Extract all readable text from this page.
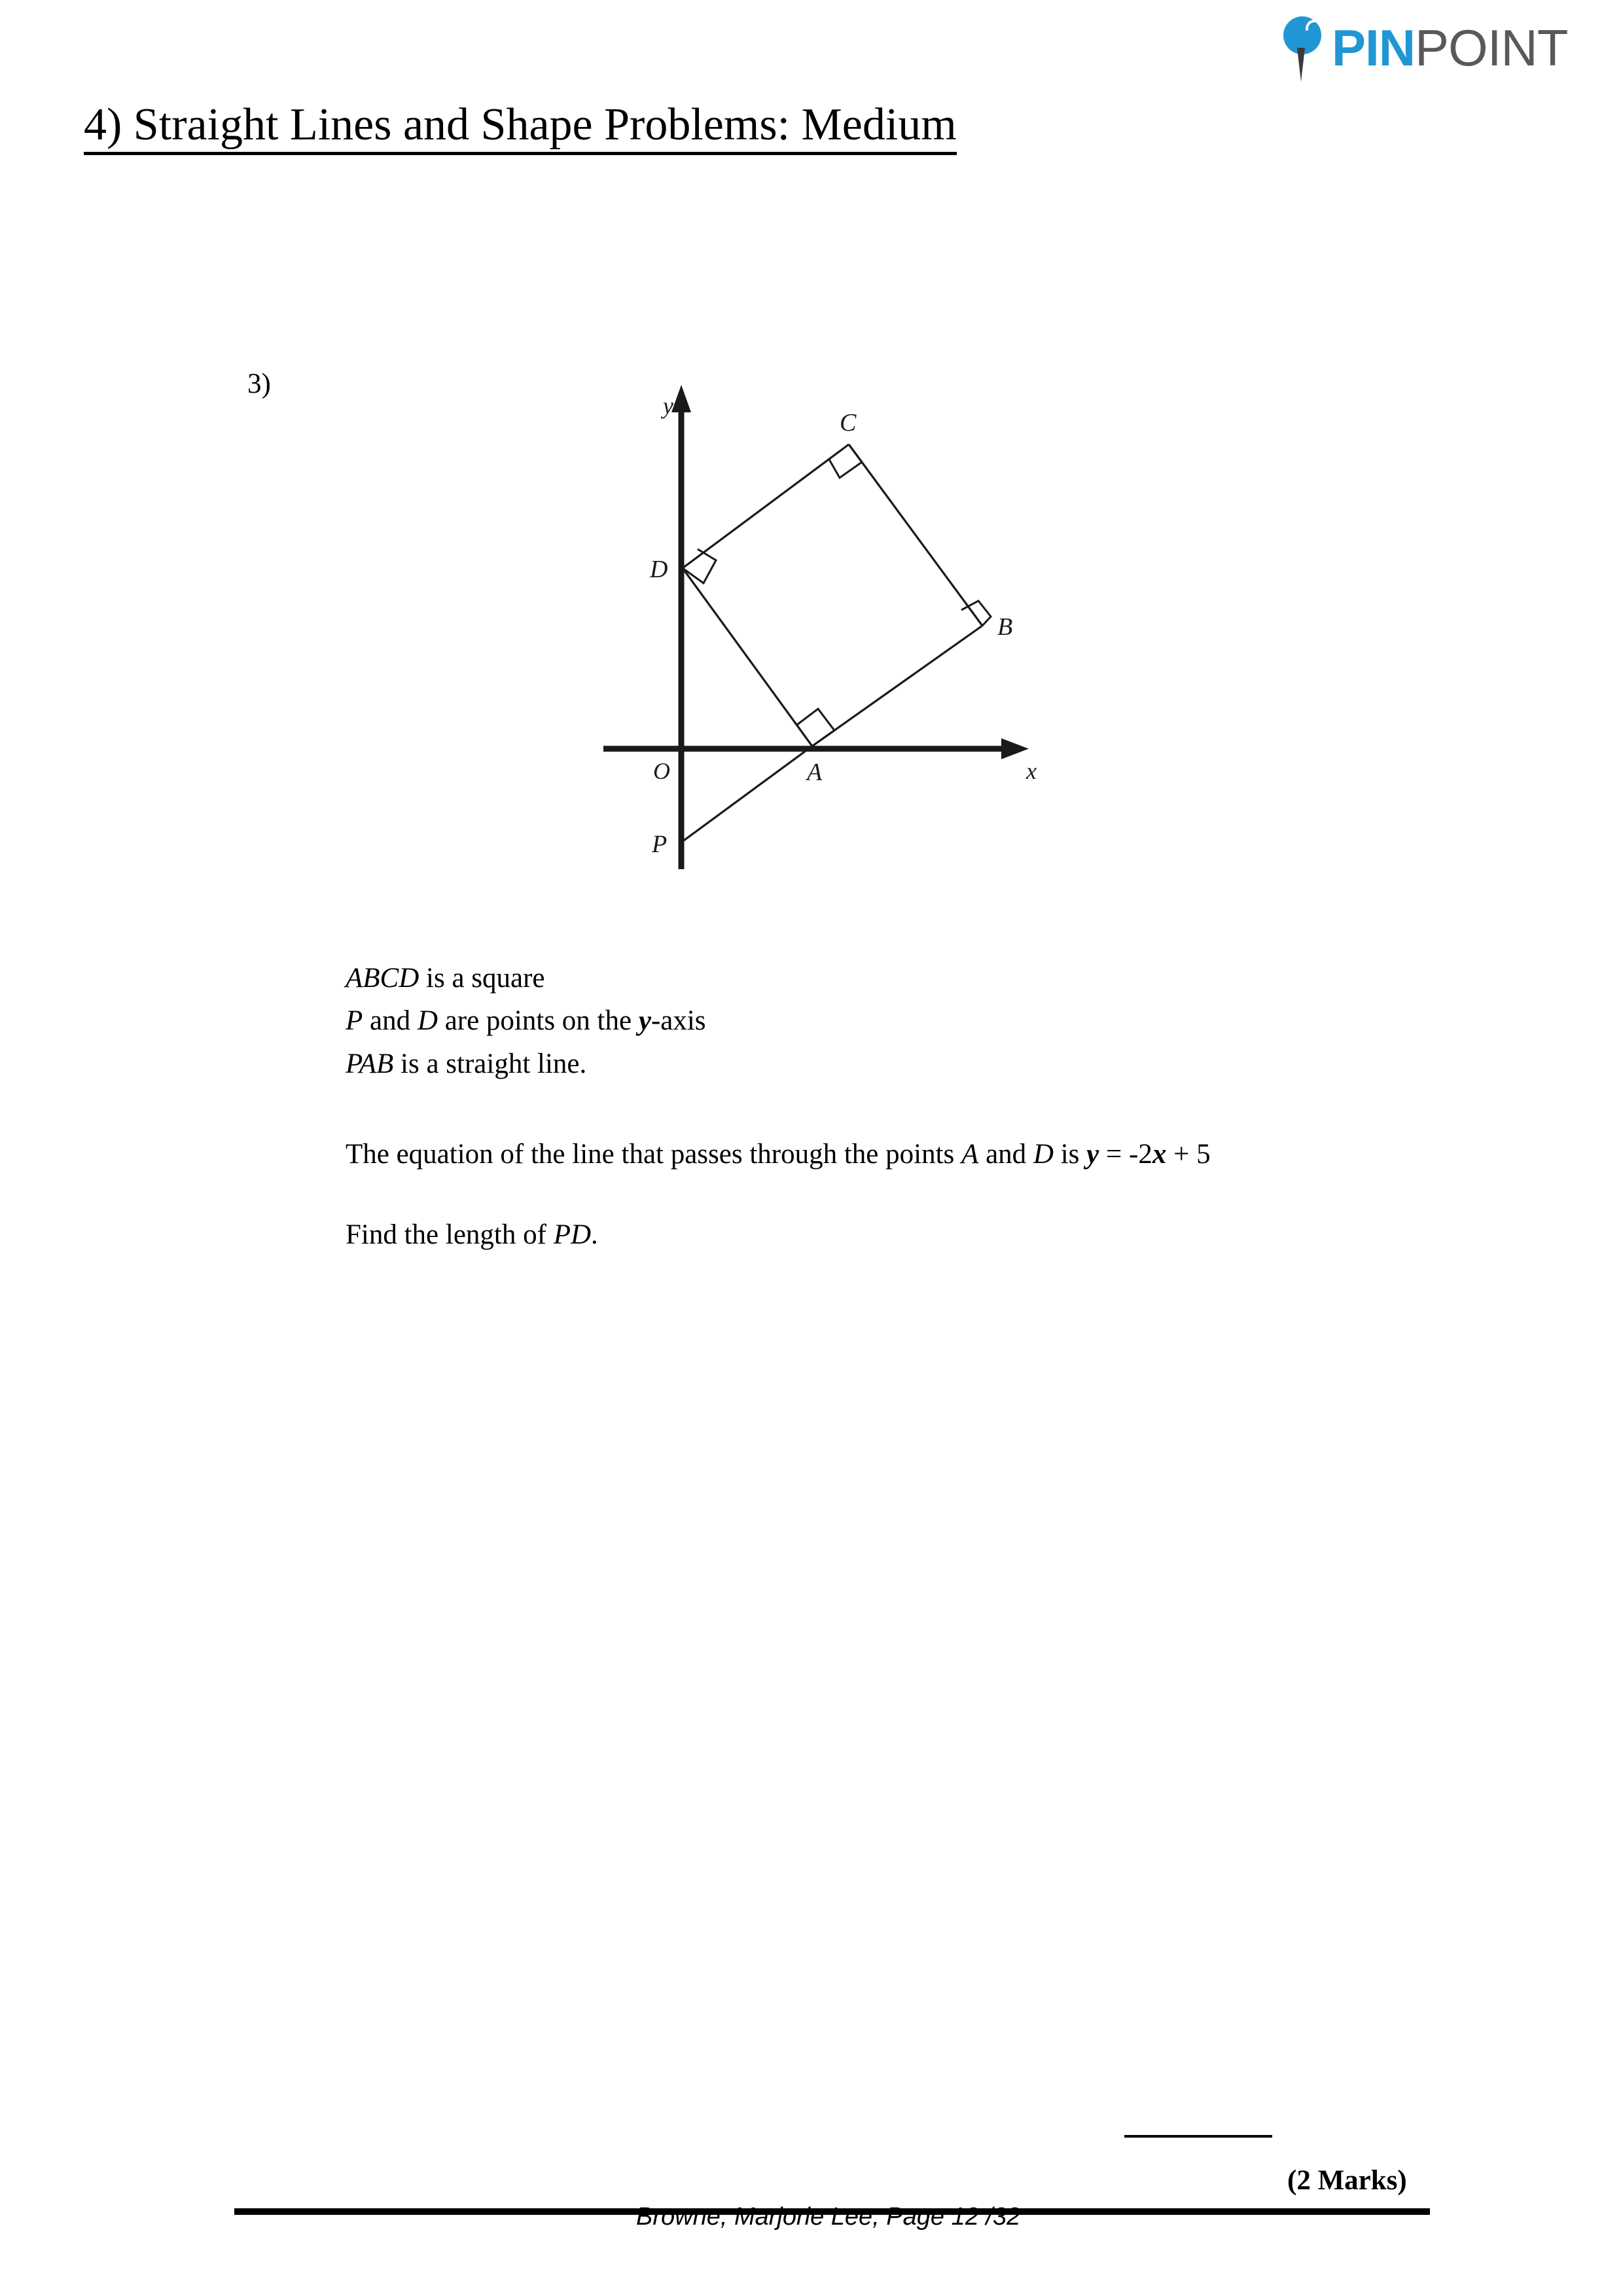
PINPOINT
4) Straight Lines and Shape Problems: Medium
3)
y
x
O
D
C
B
A
P
ABCD is a square
P and D are points on the y-axis
PAB is a straight line.
The equation of the line that passes through the points A and D is y = -2x + 5
Find the length of PD.
(2 Marks)
Browne, Marjorie Lee, Page 12 /32
